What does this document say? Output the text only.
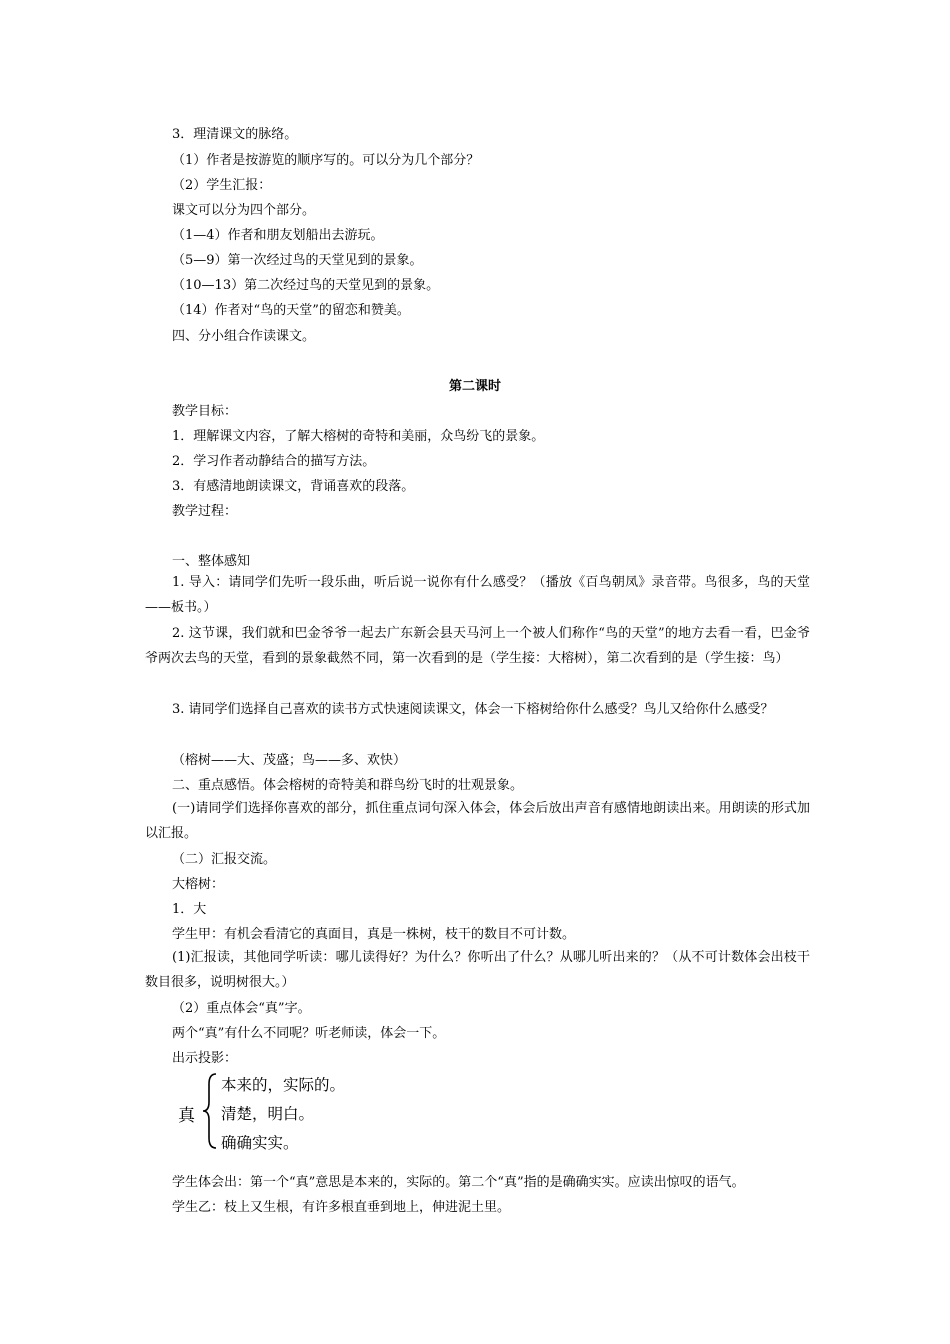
3．理清课文的脉络。
（1）作者是按游览的顺序写的。可以分为几个部分？
（2）学生汇报：
课文可以分为四个部分。
（1—4）作者和朋友划船出去游玩。
（5—9）第一次经过鸟的天堂见到的景象。
（10—13）第二次经过鸟的天堂见到的景象。
（14）作者对“鸟的天堂”的留恋和赞美。
四、分小组合作读课文。
第二课时
教学目标：
1．理解课文内容，了解大榕树的奇特和美丽，众鸟纷飞的景象。
2．学习作者动静结合的描写方法。
3．有感清地朗读课文，背诵喜欢的段落。
教学过程：
一、整体感知
1. 导入：请同学们先听一段乐曲，听后说一说你有什么感受？（播放《百鸟朝凤》录音带。鸟很多，鸟的天堂——板书。）
2. 这节课，我们就和巴金爷爷一起去广东新会县天马河上一个被人们称作“鸟的天堂”的地方去看一看，巴金爷爷两次去鸟的天堂，看到的景象截然不同，第一次看到的是（学生接：大榕树），第二次看到的是（学生接：鸟）
3. 请同学们选择自己喜欢的读书方式快速阅读课文，体会一下榕树给你什么感受？鸟儿又给你什么感受？
（榕树——大、茂盛；鸟——多、欢快）
二、重点感悟。体会榕树的奇特美和群鸟纷飞时的壮观景象。
(一)请同学们选择你喜欢的部分，抓住重点词句深入体会，体会后放出声音有感情地朗读出来。用朗读的形式加以汇报。
（二）汇报交流。
大榕树：
1．大
学生甲：有机会看清它的真面目，真是一株树，枝干的数目不可计数。
(1)汇报读，其他同学听读：哪儿读得好？为什么？你听出了什么？从哪儿听出来的？（从不可计数体会出枝干数目很多，说明树很大。）
（2）重点体会“真”字。
两个“真”有什么不同呢？听老师读，体会一下。
出示投影：
真
本来的，实际的。
清楚，明白。
确确实实。
学生体会出：第一个“真”意思是本来的，实际的。第二个“真”指的是确确实实。应读出惊叹的语气。
学生乙：枝上又生根，有许多根直垂到地上，伸进泥土里。
